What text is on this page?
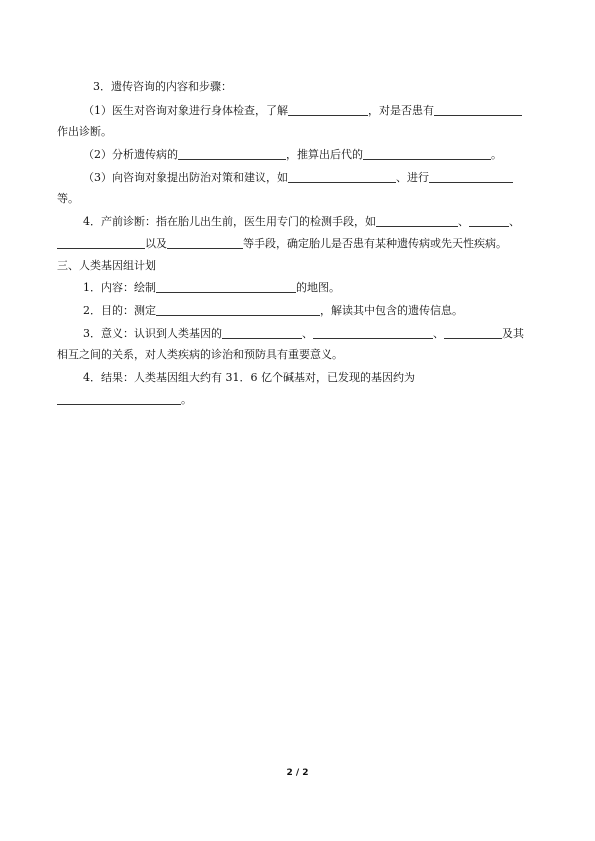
3．遗传咨询的内容和步骤：
（1）医生对咨询对象进行身体检查，了解	，对是否患有
作出诊断。
（2）分析遗传病的	，推算出后代的	。
（3）向咨询对象提出防治对策和建议，如	、进行
等。
4．产前诊断：指在胎儿出生前，医生用专门的检测手段，如	、	、
以及	等手段，确定胎儿是否患有某种遗传病或先天性疾病。
三、人类基因组计划
1．内容：绘制	的地图。
2．目的：测定	，解读其中包含的遗传信息。
3．意义：认识到人类基因的	、	、	及其
相互之间的关系，对人类疾病的诊治和预防具有重要意义。
4．结果：人类基因组大约有 31．6 亿个碱基对，已发现的基因约为
。
2 / 2
